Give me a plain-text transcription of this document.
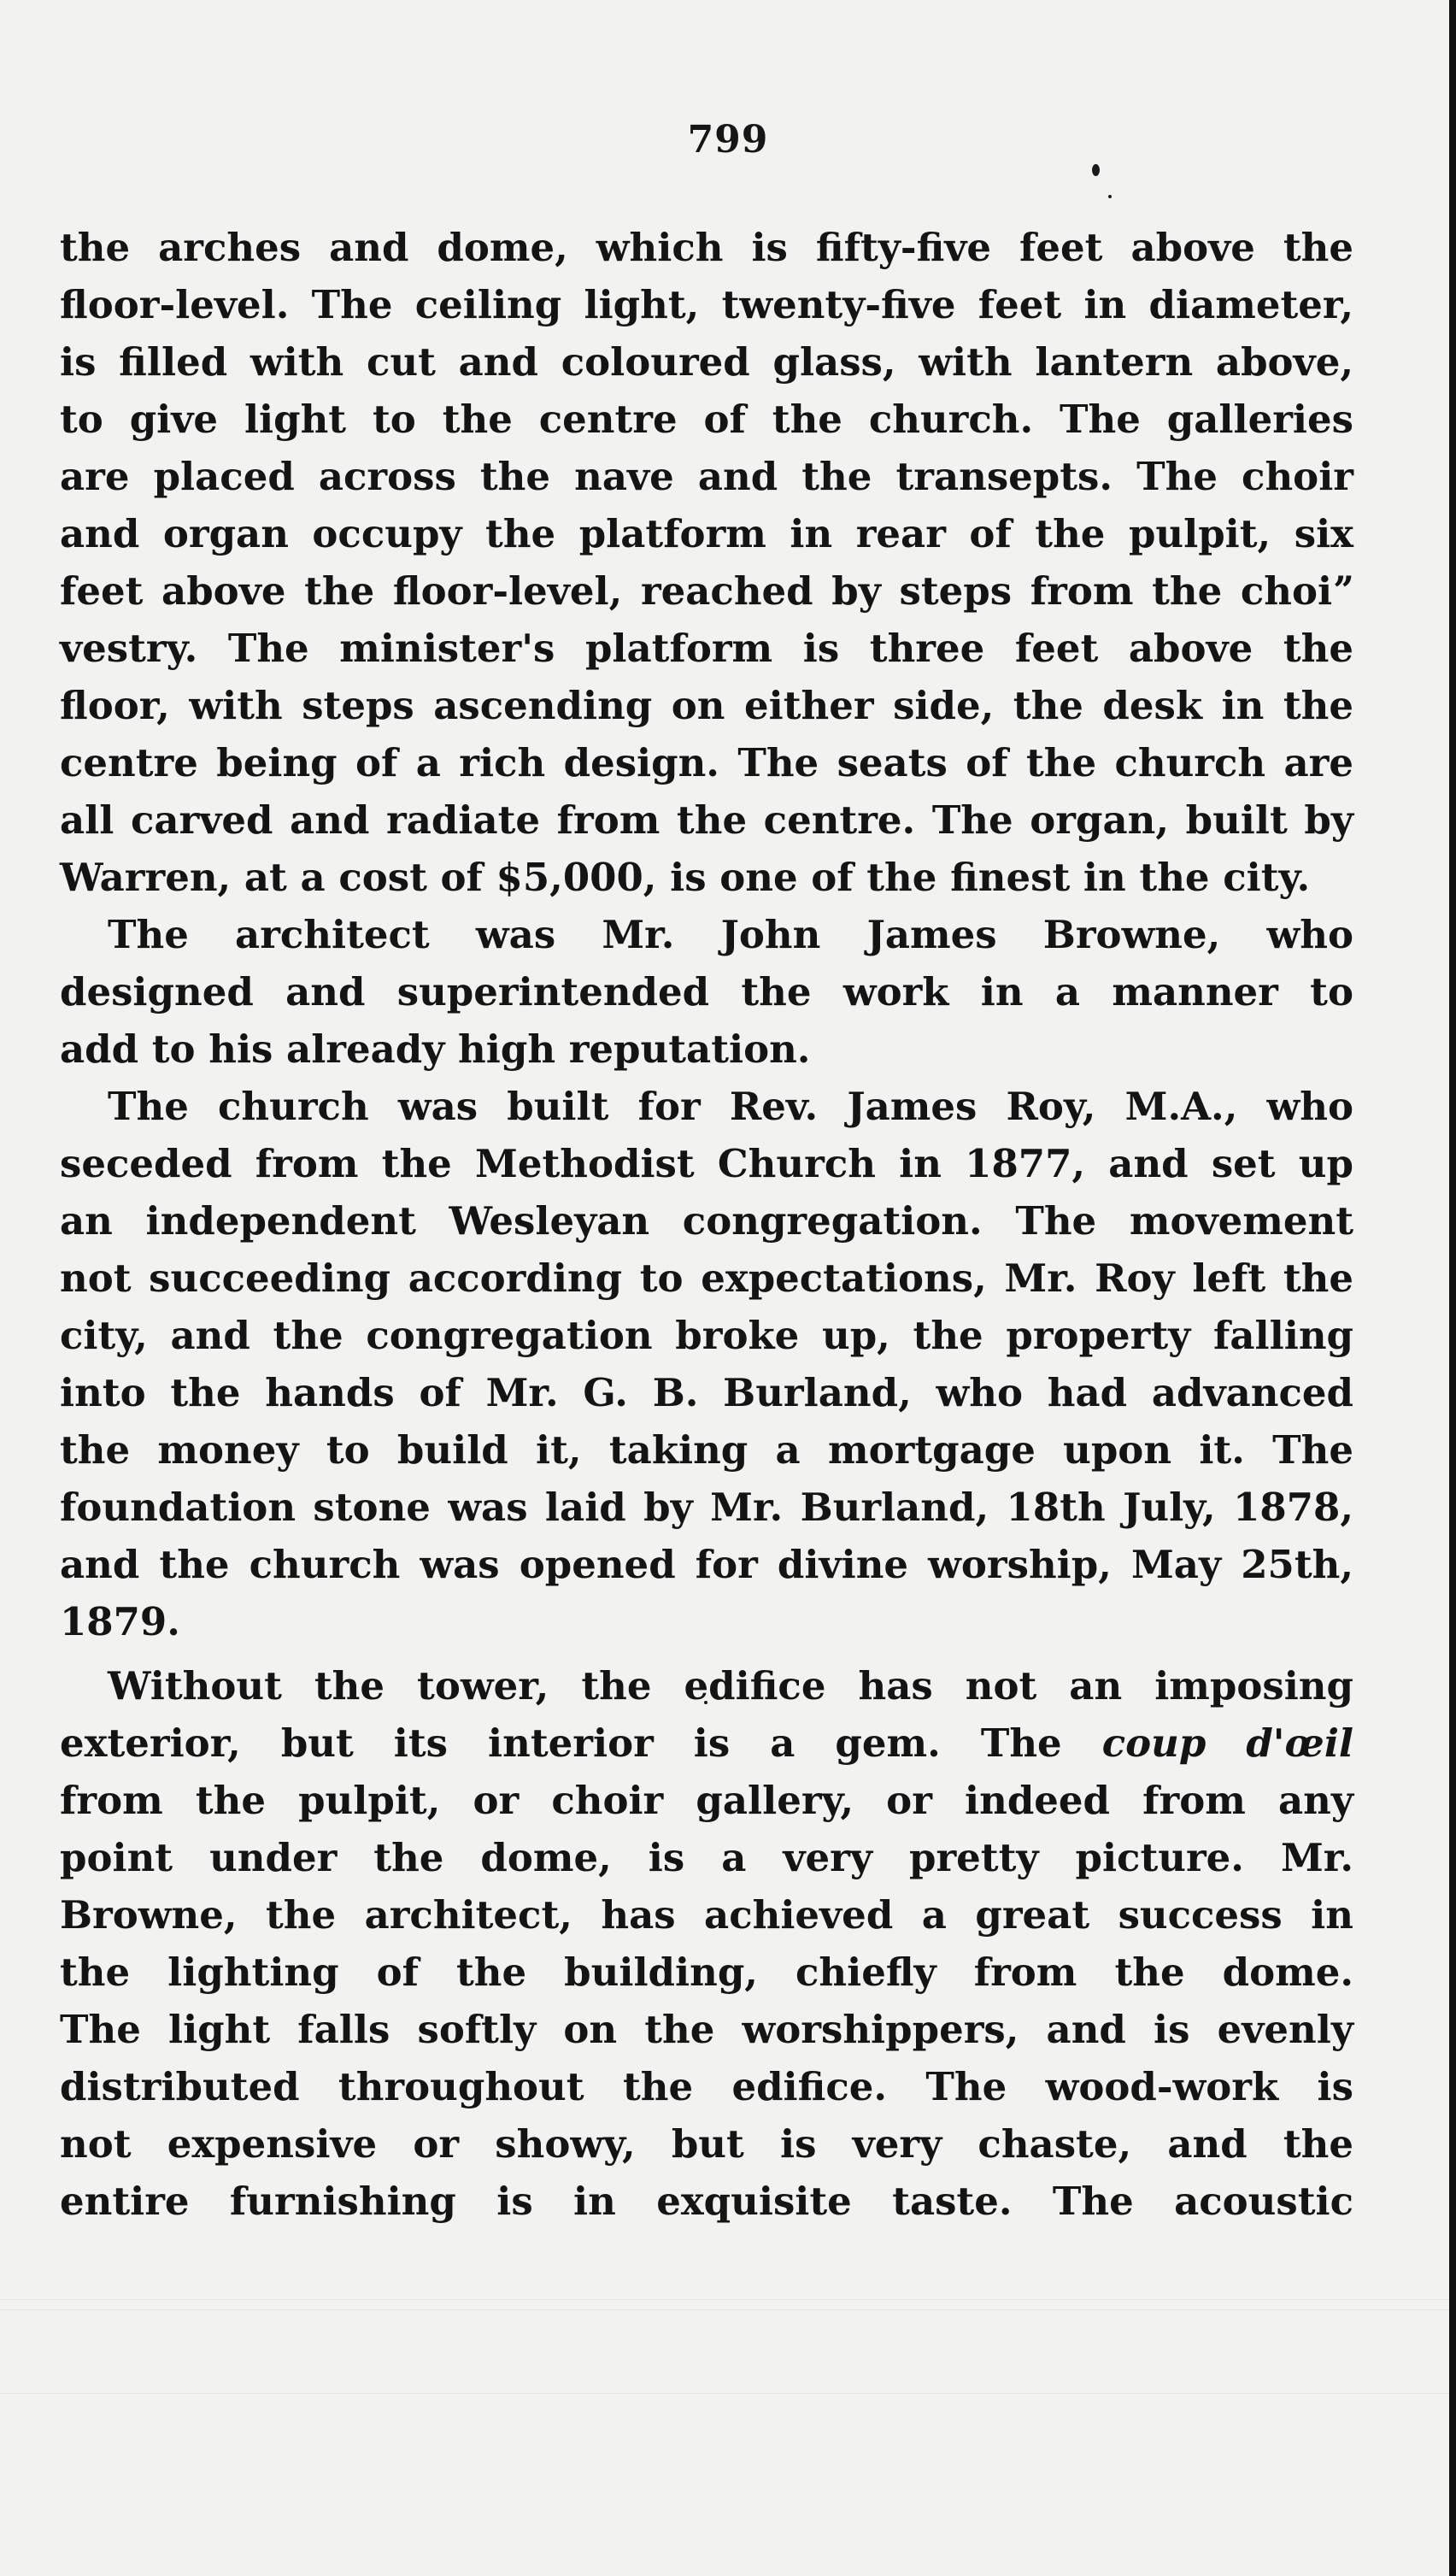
799
the arches and dome, which is fifty-five feet above the
floor-level. The ceiling light, twenty-five feet in diameter,
is filled with cut and coloured glass, with lantern above,
to give light to the centre of the church. The galleries
are placed across the nave and the transepts. The choir
and organ occupy the platform in rear of the pulpit, six
feet above the floor-level, reached by steps from the choiˮ
vestry. The minister's platform is three feet above the
floor, with steps ascending on either side, the desk in the
centre being of a rich design. The seats of the church are
all carved and radiate from the centre. The organ, built by
Warren, at a cost of $5,000, is one of the finest in the city.
The architect was Mr. John James Browne, who
designed and superintended the work in a manner to
add to his already high reputation.
The church was built for Rev. James Roy, M.A., who
seceded from the Methodist Church in 1877, and set up
an independent Wesleyan congregation. The movement
not succeeding according to expectations, Mr. Roy left the
city, and the congregation broke up, the property falling
into the hands of Mr. G. B. Burland, who had advanced
the money to build it, taking a mortgage upon it. The
foundation stone was laid by Mr. Burland, 18th July, 1878,
and the church was opened for divine worship, May 25th,
1879.
Without the tower, the edifice has not an imposing
exterior, but its interior is a gem. The coup d'œil
from the pulpit, or choir gallery, or indeed from any
point under the dome, is a very pretty picture. Mr.
Browne, the architect, has achieved a great success in
the lighting of the building, chiefly from the dome.
The light falls softly on the worshippers, and is evenly
distributed throughout the edifice. The wood-work is
not expensive or showy, but is very chaste, and the
entire furnishing is in exquisite taste. The acoustic
